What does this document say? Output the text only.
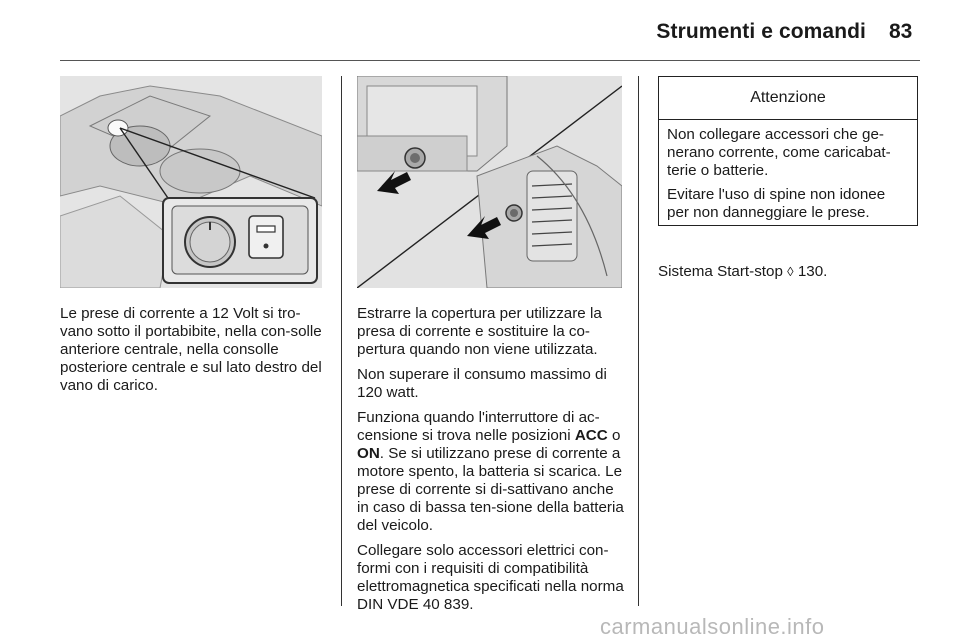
Strumenti e comandi 83

Le prese di corrente a 12 Volt si tro-vano sotto il portabibite, nella con-solle anteriore centrale, nella consolle posteriore centrale e sul lato destro del vano di carico.

Estrarre la copertura per utilizzare la presa di corrente e sostituire la co-pertura quando non viene utilizzata.

Non superare il consumo massimo di 120 watt.

Funziona quando l'interruttore di ac-censione si trova nelle posizioni ACC o ON. Se si utilizzano prese di corrente a motore spento, la batteria si scarica. Le prese di corrente si di-sattivano anche in caso di bassa ten-sione della batteria del veicolo.

Collegare solo accessori elettrici con-formi con i requisiti di compatibilità elettromagnetica specificati nella norma DIN VDE 40 839.

Attenzione

Non collegare accessori che ge-nerano corrente, come caricabat-terie o batterie.

Evitare l'uso di spine non idonee per non danneggiare le prese.

Sistema Start-stop ◊ 130.
carmanualsonline.info
